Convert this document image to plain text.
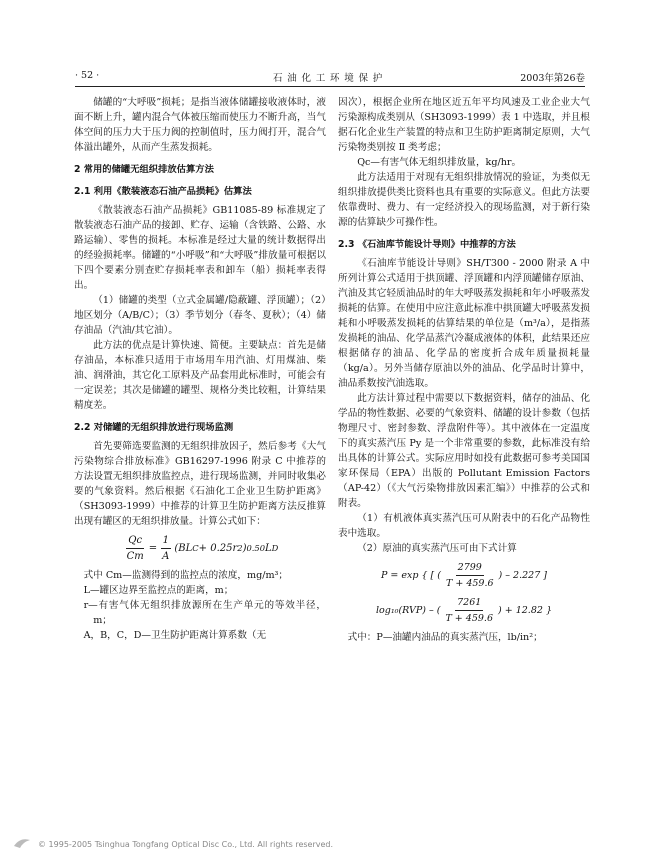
· 52 ·	石油化工环境保护	2003年第26卷

储罐的“大呼吸”损耗；是指当液体储罐接收液体时，液面不断上升，罐内混合气体被压缩而使压力不断升高，当气体空间的压力大于压力阀的控制值时，压力阀打开，混合气体溢出罐外，从而产生蒸发损耗。

2 常用的储罐无组织排放估算方法
2.1 利用《散装液态石油产品损耗》估算法

《散装液态石油产品损耗》GB11085-89 标准规定了散装液态石油产品的接卸、贮存、运输（含铁路、公路、水路运输）、零售的损耗。本标准是经过大量的统计数据得出的经验损耗率。储罐的“小呼吸”和“大呼吸”排放量可根据以下四个要素分别查贮存损耗率表和卸车（船）损耗率表得出。

（1）储罐的类型（立式金属罐/隐蔽罐、浮顶罐）；（2）地区划分（A/B/C）；（3）季节划分（春冬、夏秋）；（4）储存油品（汽油/其它油）。

此方法的优点是计算快速、简便。主要缺点：首先是储存油品，本标准只适用于市场用车用汽油、灯用煤油、柴油、润滑油，其它化工原料及产品套用此标准时，可能会有一定误差；其次是储罐的罐型、规格分类比较粗，计算结果精度差。

2.2 对储罐的无组织排放进行现场监测

首先要筛选要监测的无组织排放因子，然后参考《大气污染物综合排放标准》GB16297-1996 附录 C 中推荐的方法设置无组织排放监控点，进行现场监测，并同时收集必要的气象资料。然后根据《石油化工企业卫生防护距离》（SH3093-1999）中推荐的计算卫生防护距离方法反推算出现有罐区的无组织排放量。计算公式如下：

$\frac{Qc}{Cm} = \frac{1}{A} (BL$ C + 0.25r 2 ) 0.50 L D

式中 Cm—监测得到的监控点的浓度，mg/m³；

L—罐区边界至监控点的距离，m；

r—有害气体无组织排放源所在生产单元的等效半径，m；

A，B，C，D—卫生防护距离计算系数（无

因次），根据企业所在地区近五年平均风速及工业企业大气污染源构成类别从（SH3093-1999）表 1 中选取，并且根据石化企业生产装置的特点和卫生防护距离制定原则，大气污染物类别按 Ⅱ 类考虑；

Qc—有害气体无组织排放量，kg/hr。

此方法适用于对现有无组织排放情况的验证，为类似无组织排放提供类比资料也具有重要的实际意义。但此方法要依靠费时、费力、有一定经济投入的现场监测，对于新行染源的估算缺少可操作性。

2.3 《石油库节能设计导则》中推荐的方法

《石油库节能设计导则》SH/T300 - 2000 附录 A 中所列计算公式适用于拱顶罐、浮顶罐和内浮顶罐储存原油、汽油及其它轻质油品时的年大呼吸蒸发损耗和年小呼吸蒸发损耗的估算。在使用中应注意此标准中拱顶罐大呼吸蒸发损耗和小呼吸蒸发损耗的估算结果的单位是（m³/a），是指蒸发损耗的油品、化学品蒸汽冷凝成液体的体积，此结果还应根据储存的油品、化学品的密度折合成年质量损耗量（kg/a）。另外当储存原油以外的油品、化学品时计算中，油品系数按汽油选取。

此方法计算过程中需要以下数据资料，储存的油品、化学品的物性数据、必要的气象资料、储罐的设计参数（包括物理尺寸、密封参数、浮盘附件等）。其中液体在一定温度下的真实蒸汽压 Py 是一个非常重要的参数，此标准没有给出具体的计算公式。实际应用时如投有此数据可参考美国国家环保局（EPA）出版的 Pollutant Emission Factors（AP-42）（《大气污染物排放因素汇编》）中推荐的公式和附表。

（1）有机液体真实蒸汽压可从附表中的石化产品物性表中选取。

（2）原油的真实蒸汽压可由下式计算

P = exp { [ ( $\frac{2799}{T + 459.6}$ ) – 2.227 ]
log₁₀(RVP) – ( $\frac{7261}{T + 459.6}$ ) + 12.82 }

式中：P—油罐内油品的真实蒸汽压，lb/in²；

© 1995-2005 Tsinghua Tongfang Optical Disc Co., Ltd. All rights reserved.
